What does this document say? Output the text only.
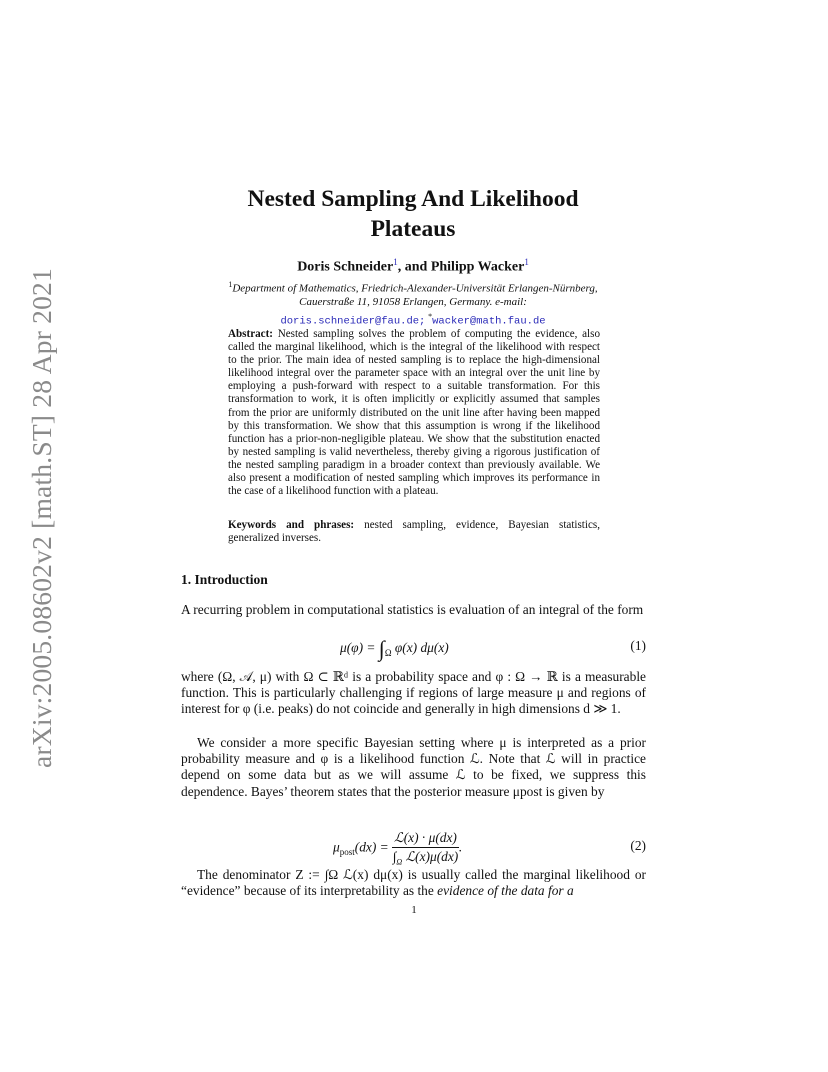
arXiv:2005.08602v2 [math.ST] 28 Apr 2021
Nested Sampling And Likelihood
Plateaus
Doris Schneider$^1$, and Philipp Wacker$^1$
$^1$Department of Mathematics, Friedrich-Alexander-Universität Erlangen-Nürnberg,
Cauerstraße 11, 91058 Erlangen, Germany. e-mail:
doris.schneider@fau.de; *wacker@math.fau.de
Abstract: Nested sampling solves the problem of computing the evidence, also called the marginal likelihood, which is the integral of the likelihood with respect to the prior. The main idea of nested sampling is to replace the high-dimensional likelihood integral over the parameter space with an integral over the unit line by employing a push-forward with respect to a suitable transformation. For this transformation to work, it is often implicitly or explicitly assumed that samples from the prior are uniformly distributed on the unit line after having been mapped by this transformation. We show that this assumption is wrong if the likelihood function has a prior-non-negligible plateau. We show that the substitution enacted by nested sampling is valid nevertheless, thereby giving a rigorous justification of the nested sampling paradigm in a broader context than previously available. We also present a modification of nested sampling which improves its performance in the case of a likelihood function with a plateau.
Keywords and phrases: nested sampling, evidence, Bayesian statistics, generalized inverses.
1. Introduction
A recurring problem in computational statistics is evaluation of an integral of the form
$\mu(\varphi) = \int_\Omega$ φ(x) dμ(x)	(1)
where (Ω, 𝒜, μ) with Ω ⊂ ℝᵈ is a probability space and φ : Ω → ℝ is a measurable function. This is particularly challenging if regions of large measure μ and regions of interest for φ (i.e. peaks) do not coincide and generally in high dimensions d ≫ 1.
We consider a more specific Bayesian setting where μ is interpreted as a prior probability measure and φ is a likelihood function ℒ. Note that ℒ will in practice depend on some data but as we will assume ℒ to be fixed, we suppress this dependence. Bayes’ theorem states that the posterior measure μpost is given by
$\mu_{post}(dx) = \frac{\text{ℒ(x) · μ(dx)}}{\int_\Omega ℒ(x)\mu(dx)}$ .	(2)
The denominator Z := ∫Ω ℒ(x) dμ(x) is usually called the marginal likelihood or “evidence” because of its interpretability as the evidence of the data for a
1
